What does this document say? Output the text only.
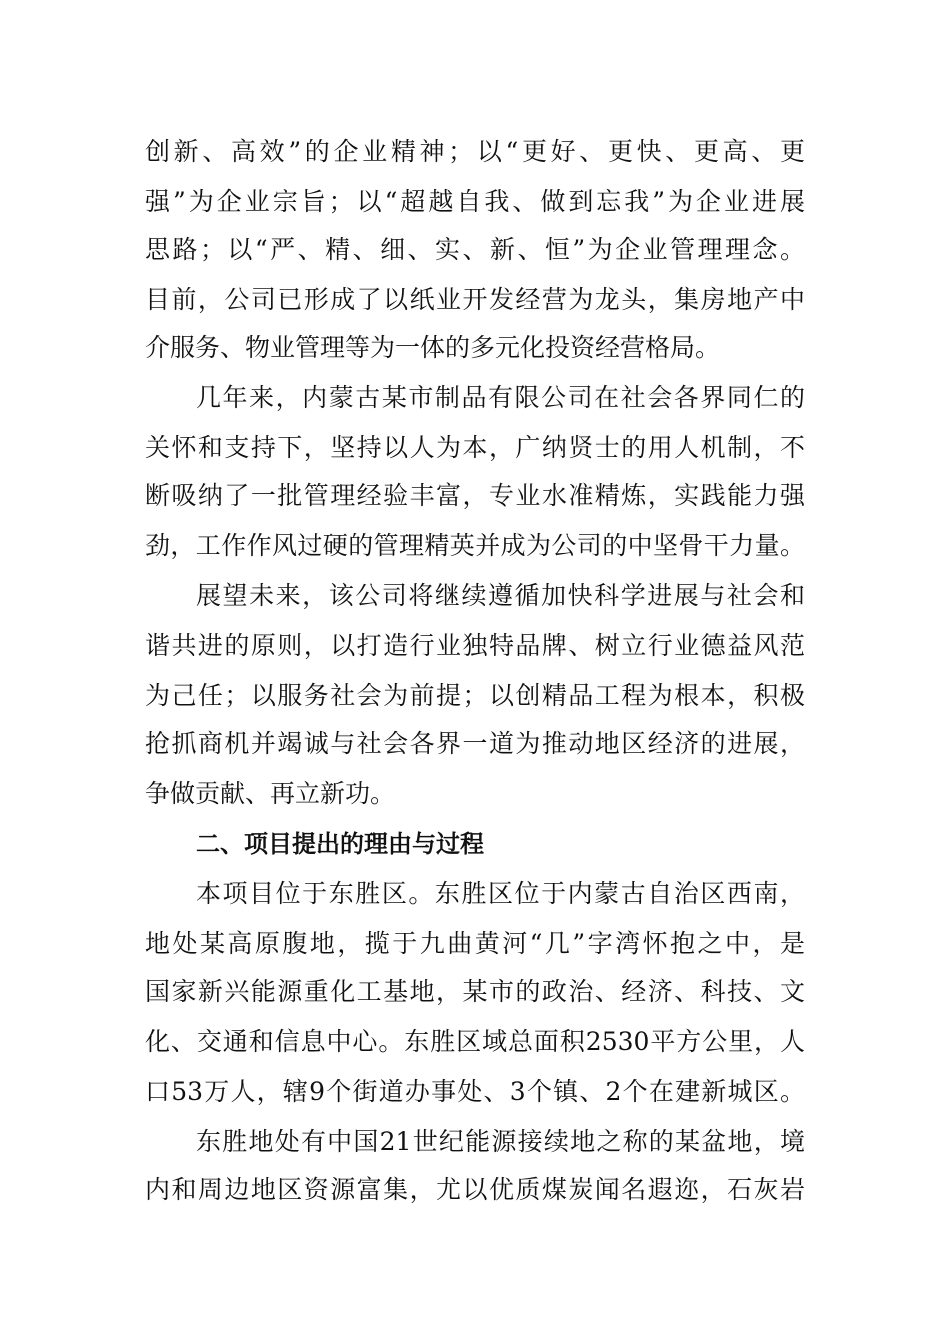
创新、高效”的企业精神；以“更好、更快、更高、更
强”为企业宗旨；以“超越自我、做到忘我”为企业进展
思路；以“严、精、细、实、新、恒”为企业管理理念。
目前，公司已形成了以纸业开发经营为龙头，集房地产中
介服务、物业管理等为一体的多元化投资经营格局。
几年来，内蒙古某市制品有限公司在社会各界同仁的
关怀和支持下，坚持以人为本，广纳贤士的用人机制，不
断吸纳了一批管理经验丰富，专业水准精炼，实践能力强
劲，工作作风过硬的管理精英并成为公司的中坚骨干力量。
展望未来，该公司将继续遵循加快科学进展与社会和
谐共进的原则，以打造行业独特品牌、树立行业德益风范
为己任；以服务社会为前提；以创精品工程为根本，积极
抢抓商机并竭诚与社会各界一道为推动地区经济的进展，
争做贡献、再立新功。
二、项目提出的理由与过程
本项目位于东胜区。东胜区位于内蒙古自治区西南，
地处某高原腹地，揽于九曲黄河“几”字湾怀抱之中，是
国家新兴能源重化工基地，某市的政治、经济、科技、文
化、交通和信息中心。东胜区域总面积2530平方公里，人
口53万人，辖9个街道办事处、3个镇、2个在建新城区。
东胜地处有中国21世纪能源接续地之称的某盆地，境
内和周边地区资源富集，尤以优质煤炭闻名遐迩，石灰岩
